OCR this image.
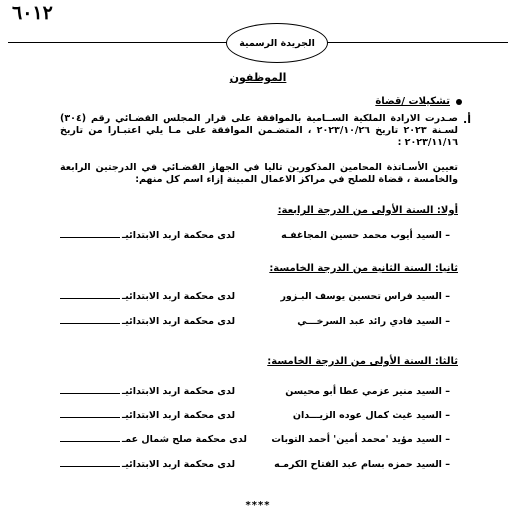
٦٠١٢
الجريدة الرسمية
الموظفون
تشكيلات /قضاة
أ.
صـدرت الارادة الملكية الســامية بالموافقة على قرار المجلس القضـائي رقم (٣٠٤) لسـنة ٢٠٢٣ تاريخ ٢٠٢٣/١٠/٢٦ ، المتضـمن الموافقة على مـا يلي اعتبـارا من تاريخ ٢٠٢٣/١١/١٦ :
تعيين الأسـاتذة المحامين المذكورين تاليا في الجهاز القضـائي في الدرجتين الرابعة والخامسة ، قضاة للصلح في مراكز الاعمال المبينة إزاء اسم كل منهم:
أولا: السنة الأولى من الدرجة الرابعة:
– السيد أيوب محمد حسين المجاغفـه
لدى محكمة اربد الابتدائيـ
ثانيا: السنة الثانية من الدرجة الخامسة:
– السيد فراس تحسين يوسف البـزور
لدى محكمة اربد الابتدائيـ
– السيد فادي رائد عبد السرخـــي
لدى محكمة اربد الابتدائيـ
ثالثا: السنة الأولى من الدرجة الخامسة:
– السيد منير عزمي عطا أبو محيسن
لدى محكمة اربد الابتدائيـ
– السيد غيث كمال عوده الزيـــدان
لدى محكمة اربد الابتدائيـ
– السيد مؤيد 'محمد أمين' أحمد التوبات
لدى محكمة صلح شمال عمـ
– السيد حمزه بسام عبد الفتاح الكرمـه
لدى محكمة اربد الابتدائيـ
****
